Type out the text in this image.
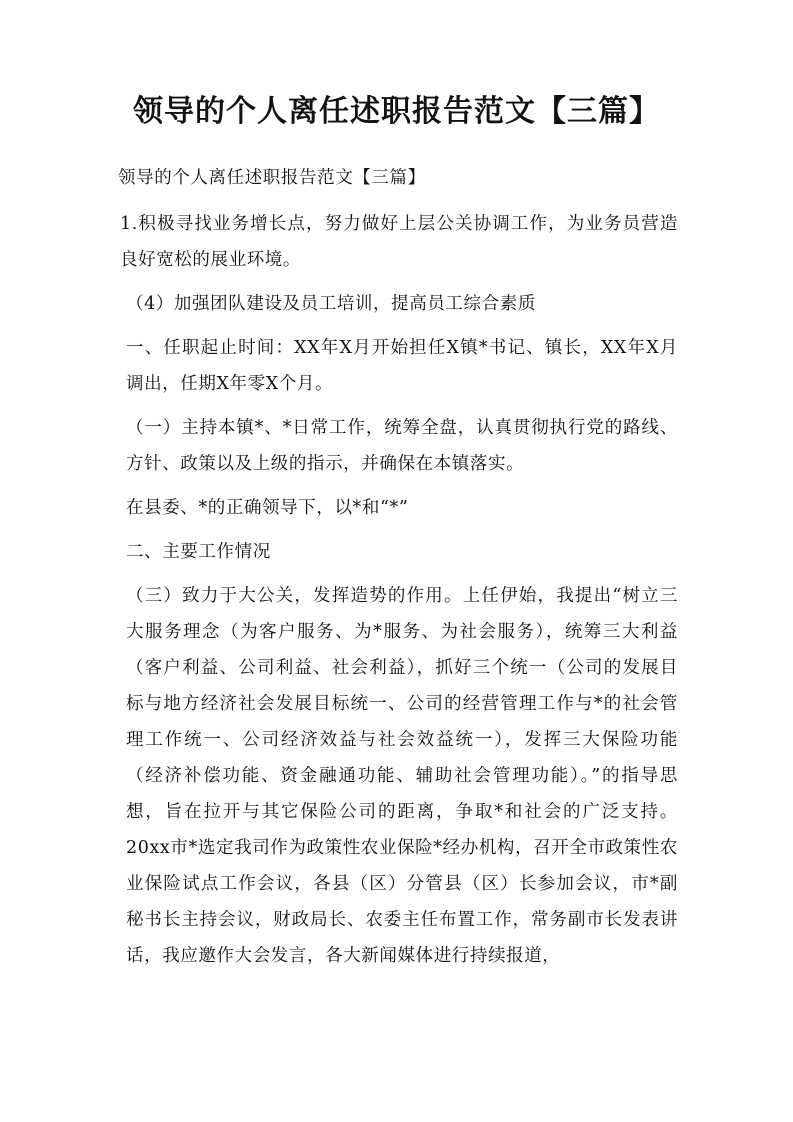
领导的个人离任述职报告范文【三篇】

领导的个人离任述职报告范文【三篇】

1.积极寻找业务增长点，努力做好上层公关协调工作，为业务员营造良好宽松的展业环境。

（4）加强团队建设及员工培训，提高员工综合素质

一、任职起止时间：XX年X月开始担任X镇*书记、镇长，XX年X月调出，任期X年零X个月。

（一）主持本镇*、*日常工作，统筹全盘，认真贯彻执行党的路线、方针、政策以及上级的指示，并确保在本镇落实。

在县委、*的正确领导下，以*和“*”

二、主要工作情况

（三）致力于大公关，发挥造势的作用。上任伊始，我提出“树立三大服务理念（为客户服务、为*服务、为社会服务），统筹三大利益（客户利益、公司利益、社会利益），抓好三个统一（公司的发展目标与地方经济社会发展目标统一、公司的经营管理工作与*的社会管理工作统一、公司经济效益与社会效益统一），发挥三大保险功能（经济补偿功能、资金融通功能、辅助社会管理功能）。”的指导思想，旨在拉开与其它保险公司的距离，争取*和社会的广泛支持。20xx市*选定我司作为政策性农业保险*经办机构，召开全市政策性农业保险试点工作会议，各县（区）分管县（区）长参加会议，市*副秘书长主持会议，财政局长、农委主任布置工作，常务副市长发表讲话，我应邀作大会发言，各大新闻媒体进行持续报道，
